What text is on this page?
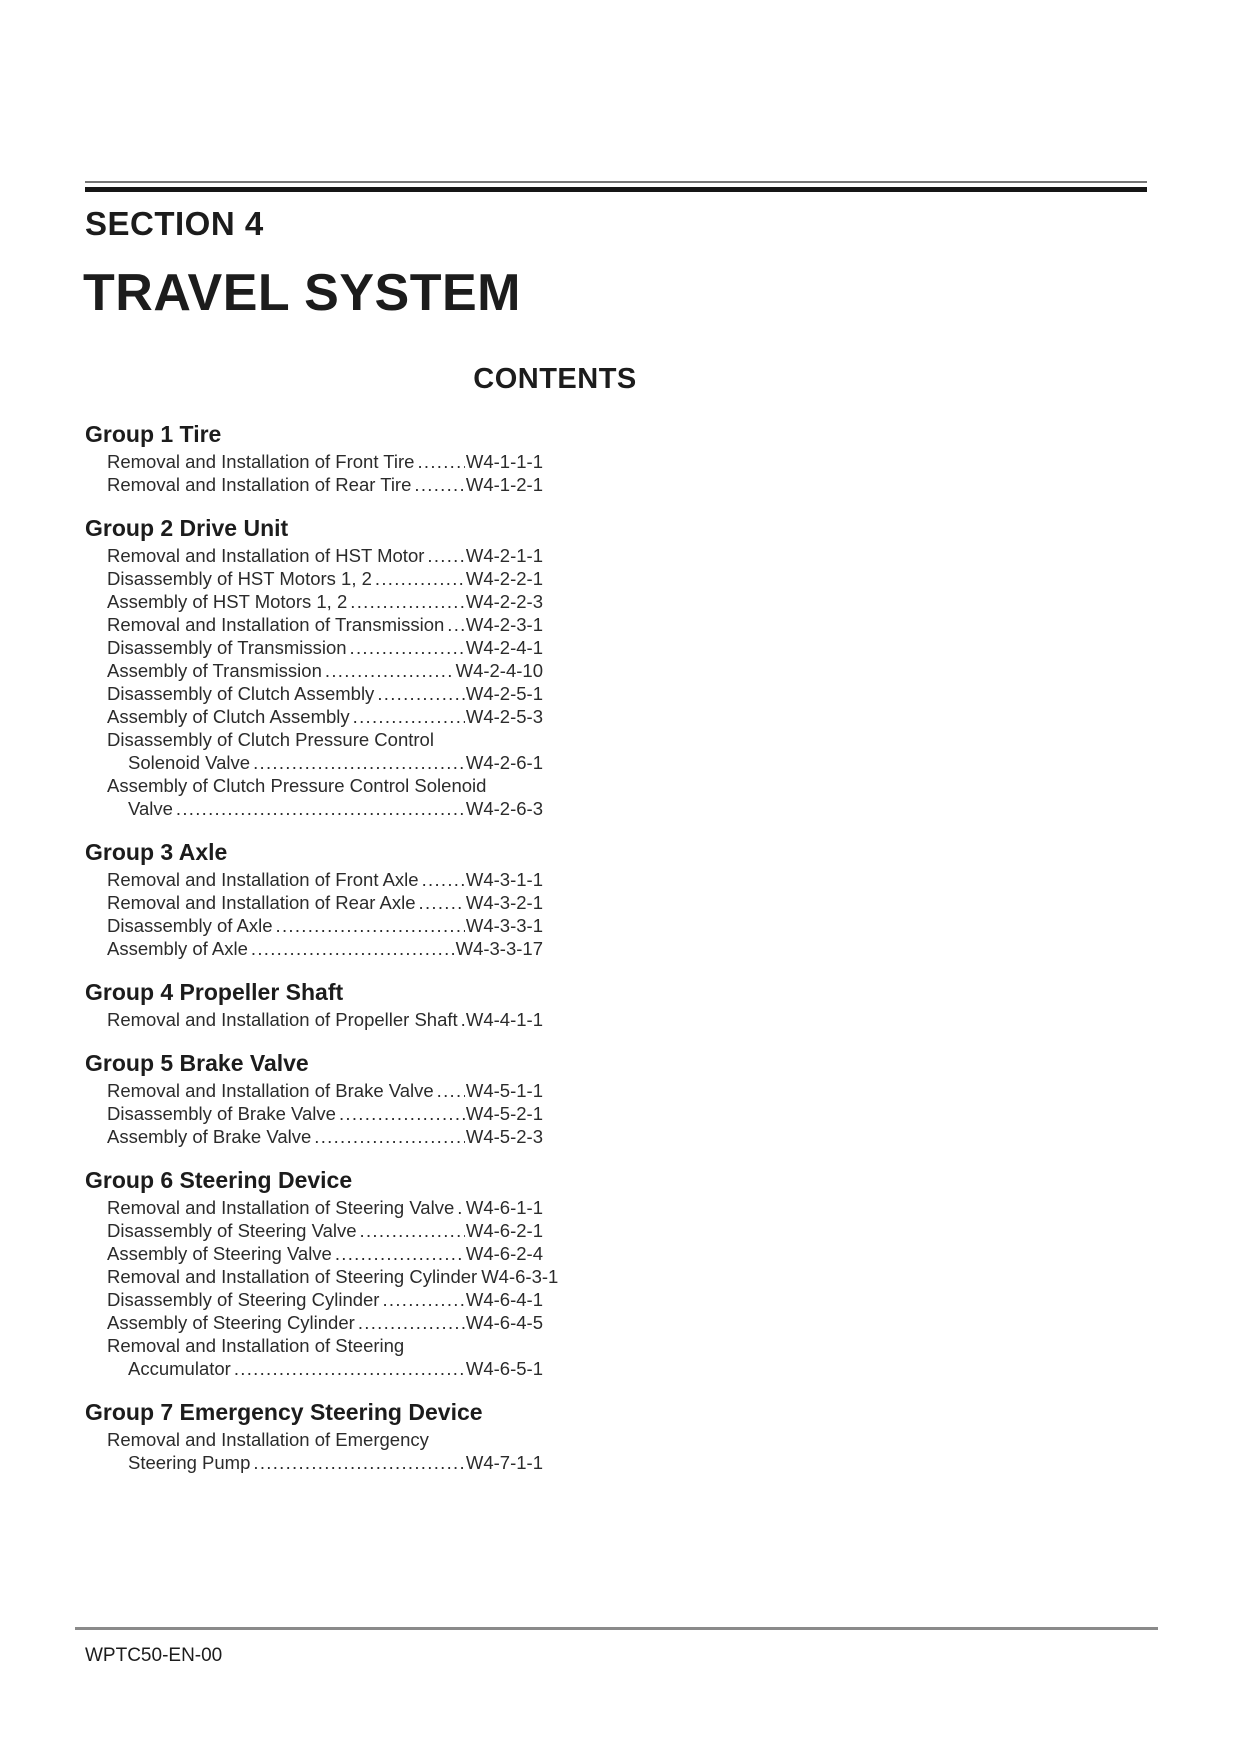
SECTION 4
TRAVEL SYSTEM
CONTENTS
Group 1 Tire
Removal and Installation of Front Tire .....	W4-1-1-1
Removal and Installation of Rear Tire .....	W4-1-2-1
Group 2 Drive Unit
Removal and Installation of HST Motor ..... W4-2-1-1
Disassembly of HST Motors 1, 2 .....	W4-2-2-1
Assembly of HST Motors 1, 2 .....	W4-2-2-3
Removal and Installation of Transmission ..... W4-2-3-1
Disassembly of Transmission .....	W4-2-4-1
Assembly of Transmission .....	W4-2-4-10
Disassembly of Clutch Assembly .....	W4-2-5-1
Assembly of Clutch Assembly .....	W4-2-5-3
Disassembly of Clutch Pressure Control
Solenoid Valve .....	W4-2-6-1
Assembly of Clutch Pressure Control Solenoid
Valve .....	W4-2-6-3
Group 3 Axle
Removal and Installation of Front Axle .....	W4-3-1-1
Removal and Installation of Rear Axle .....	W4-3-2-1
Disassembly of Axle .....	W4-3-3-1
Assembly of Axle .....	W4-3-3-17
Group 4 Propeller Shaft
Removal and Installation of Propeller Shaft ..... W4-4-1-1
Group 5 Brake Valve
Removal and Installation of Brake Valve ..... W4-5-1-1
Disassembly of Brake Valve .....	W4-5-2-1
Assembly of Brake Valve .....	W4-5-2-3
Group 6 Steering Device
Removal and Installation of Steering Valve ..... W4-6-1-1
Disassembly of Steering Valve .....	W4-6-2-1
Assembly of Steering Valve .....	W4-6-2-4
Removal and Installation of Steering Cylinder W4-6-3-1
Disassembly of Steering Cylinder .....	W4-6-4-1
Assembly of Steering Cylinder .....	W4-6-4-5
Removal and Installation of Steering
Accumulator .....	W4-6-5-1
Group 7 Emergency Steering Device
Removal and Installation of Emergency
Steering Pump .....	W4-7-1-1
WPTC50-EN-00
